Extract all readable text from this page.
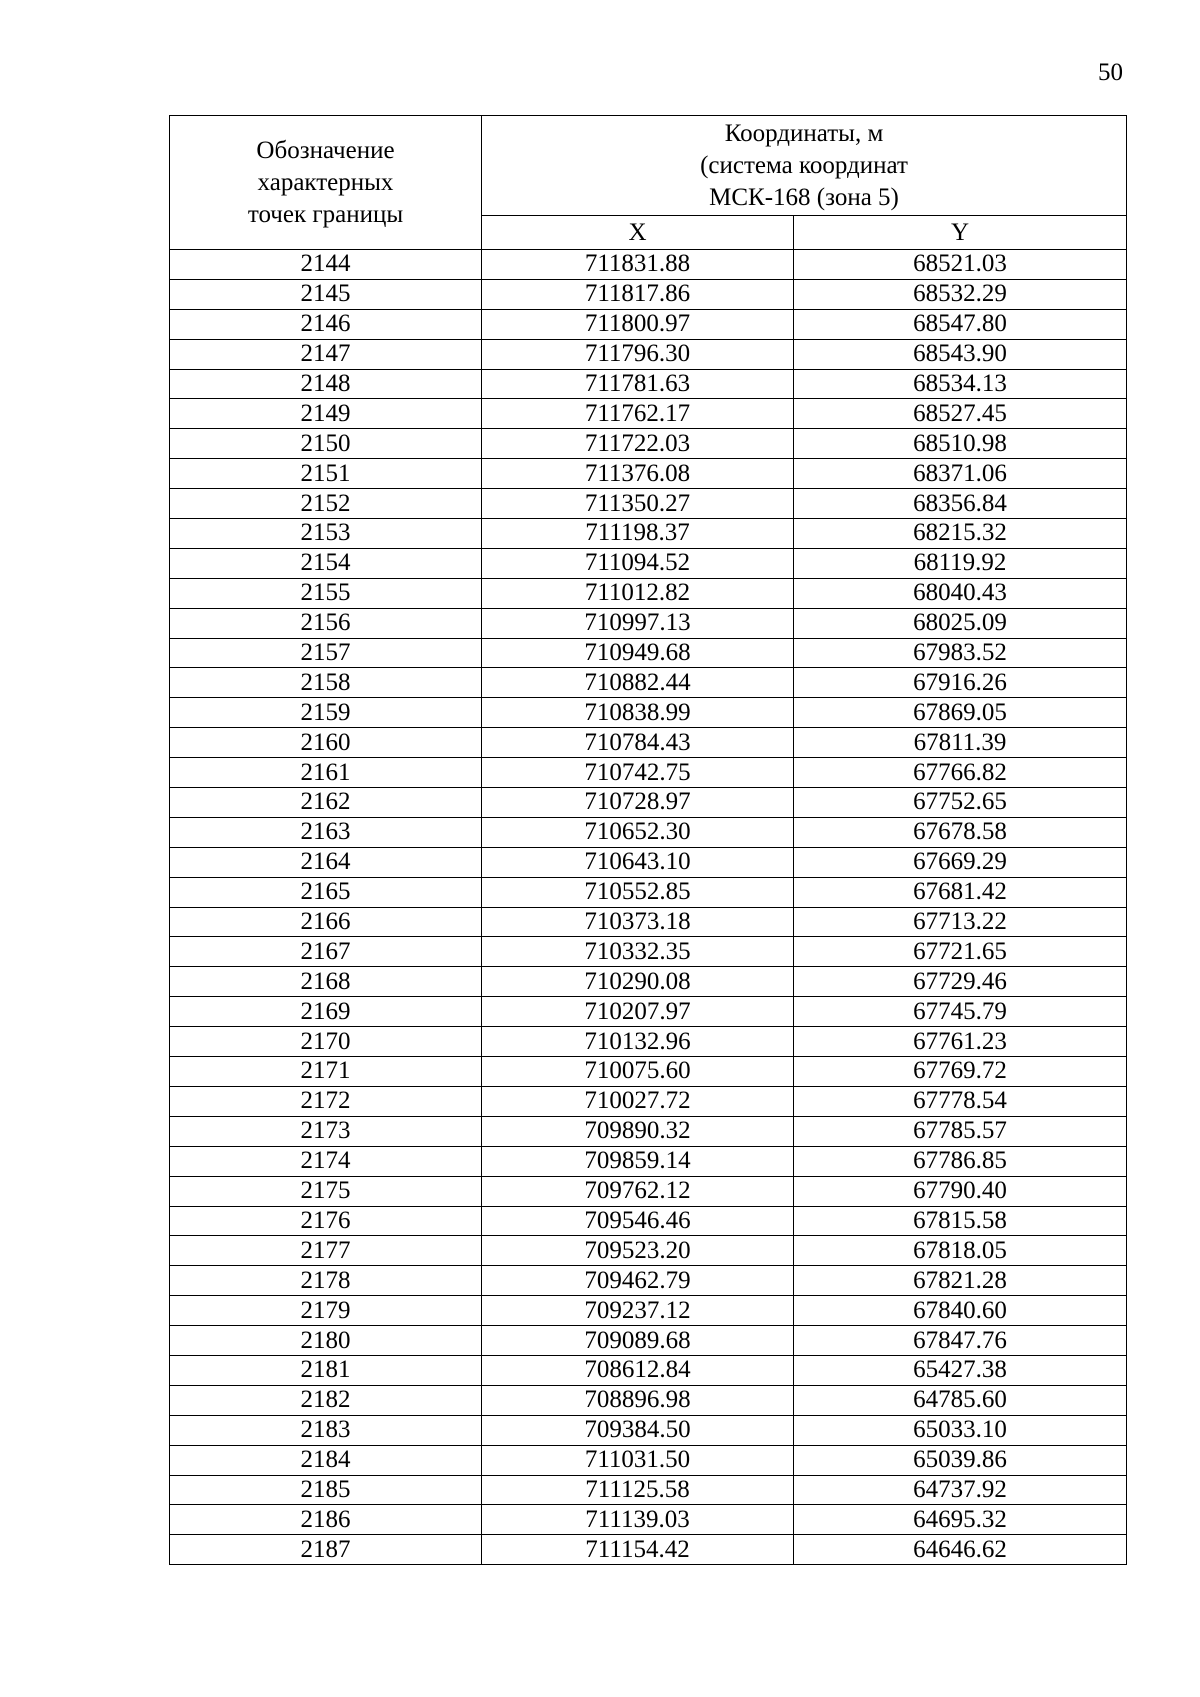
50
Обозначение
характерных
точек границы	Координаты, м
(система координат
МСК-168 (зона 5)	

	X	Y
2144	711831.88	68521.03
2145	711817.86	68532.29
2146	711800.97	68547.80
2147	711796.30	68543.90
2148	711781.63	68534.13
2149	711762.17	68527.45
2150	711722.03	68510.98
2151	711376.08	68371.06
2152	711350.27	68356.84
2153	711198.37	68215.32
2154	711094.52	68119.92
2155	711012.82	68040.43
2156	710997.13	68025.09
2157	710949.68	67983.52
2158	710882.44	67916.26
2159	710838.99	67869.05
2160	710784.43	67811.39
2161	710742.75	67766.82
2162	710728.97	67752.65
2163	710652.30	67678.58
2164	710643.10	67669.29
2165	710552.85	67681.42
2166	710373.18	67713.22
2167	710332.35	67721.65
2168	710290.08	67729.46
2169	710207.97	67745.79
2170	710132.96	67761.23
2171	710075.60	67769.72
2172	710027.72	67778.54
2173	709890.32	67785.57
2174	709859.14	67786.85
2175	709762.12	67790.40
2176	709546.46	67815.58
2177	709523.20	67818.05
2178	709462.79	67821.28
2179	709237.12	67840.60
2180	709089.68	67847.76
2181	708612.84	65427.38
2182	708896.98	64785.60
2183	709384.50	65033.10
2184	711031.50	65039.86
2185	711125.58	64737.92
2186	711139.03	64695.32
2187	711154.42	64646.62
